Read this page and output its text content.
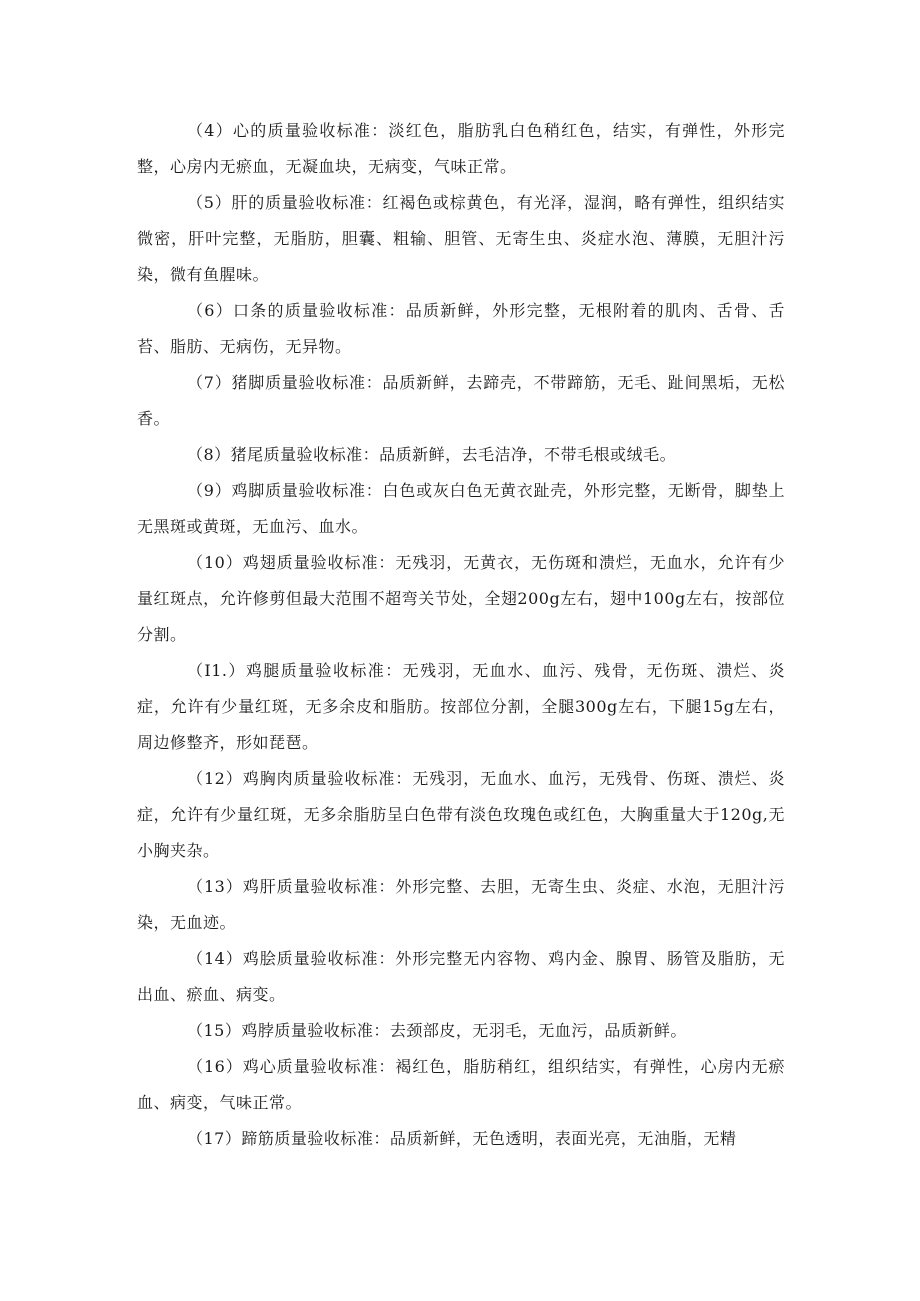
（4）心的质量验收标准：淡红色，脂肪乳白色稍红色，结实，有弹性，外形完整，心房内无瘀血，无凝血块，无病变，气味正常。

（5）肝的质量验收标准：红褐色或棕黄色，有光泽，湿润，略有弹性，组织结实微密，肝叶完整，无脂肪，胆囊、粗输、胆管、无寄生虫、炎症水泡、薄膜，无胆汁污染，微有鱼腥味。

（6）口条的质量验收标准：品质新鲜，外形完整，无根附着的肌肉、舌骨、舌苔、脂肪、无病伤，无异物。

（7）猪脚质量验收标准：品质新鲜，去蹄壳，不带蹄筋，无毛、趾间黑垢，无松香。

（8）猪尾质量验收标准：品质新鲜，去毛洁净，不带毛根或绒毛。

（9）鸡脚质量验收标准：白色或灰白色无黄衣趾壳，外形完整，无断骨，脚垫上无黑斑或黄斑，无血污、血水。

（10）鸡翅质量验收标准：无残羽，无黄衣，无伤斑和溃烂，无血水，允许有少量红斑点，允许修剪但最大范围不超弯关节处，全翅200g左右，翅中100g左右，按部位分割。

（I1.）鸡腿质量验收标准：无残羽，无血水、血污、残骨，无伤斑、溃烂、炎症，允许有少量红斑，无多余皮和脂肪。按部位分割，全腿300g左右，下腿15g左右，周边修整齐，形如琵琶。

（12）鸡胸肉质量验收标准：无残羽，无血水、血污，无残骨、伤斑、溃烂、炎症，允许有少量红斑，无多余脂肪呈白色带有淡色玫瑰色或红色，大胸重量大于120g,无小胸夹杂。

（13）鸡肝质量验收标准：外形完整、去胆，无寄生虫、炎症、水泡，无胆汁污染，无血迹。

（14）鸡脍质量验收标准：外形完整无内容物、鸡内金、腺胃、肠管及脂肪，无出血、瘀血、病变。

（15）鸡脖质量验收标准：去颈部皮，无羽毛，无血污，品质新鲜。

（16）鸡心质量验收标准：褐红色，脂肪稍红，组织结实，有弹性，心房内无瘀血、病变，气味正常。

（17）蹄筋质量验收标准：品质新鲜，无色透明，表面光亮，无油脂，无精
